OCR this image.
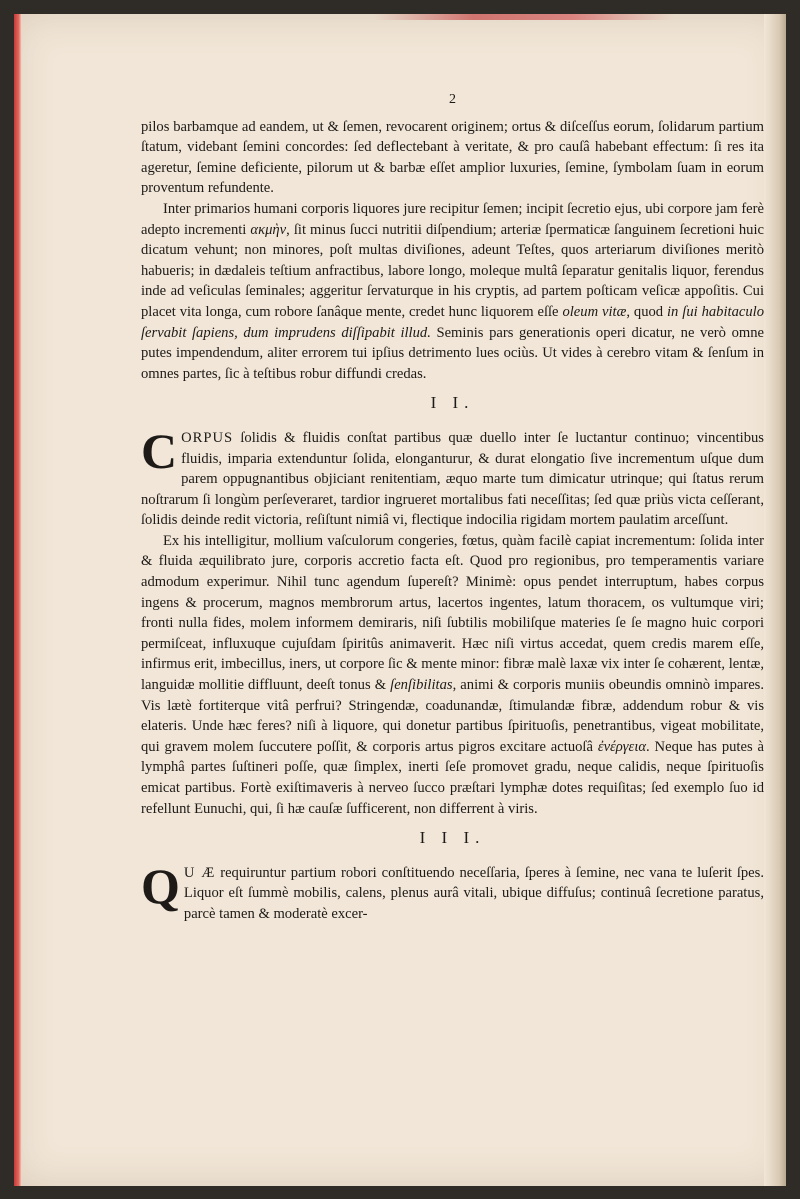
2

pilos barbamque ad eandem, ut & ſemen, revocarent originem; ortus & diſceſſus eorum, ſolidarum partium ſtatum, videbant ſemini concordes: ſed deflectebant à veritate, & pro cauſâ habebant effectum: ſi res ita ageretur, ſemine deficiente, pilorum ut & barbæ eſſet amplior luxuries, ſemine, ſymbolam ſuam in eorum proventum refundente.

Inter primarios humani corporis liquores jure recipitur ſemen; incipit ſecretio ejus, ubi corpore jam ferè adepto incrementi ακμὴν, ſit minus ſucci nutritii diſpendium; arteriæ ſpermaticæ ſanguinem ſecretioni huic dicatum vehunt; non minores, poſt multas diviſiones, adeunt Teſtes, quos arteriarum diviſiones meritò habueris; in dædaleis teſtium anfractibus, labore longo, moleque multâ ſeparatur genitalis liquor, ferendus inde ad veſiculas ſeminales; aggeritur ſervaturque in his cryptis, ad partem poſticam veſicæ appoſitis. Cui placet vita longa, cum robore ſanâque mente, credet hunc liquorem eſſe oleum vitæ, quod in ſui habitaculo ſervabit ſapiens, dum imprudens diſſipabit illud. Seminis pars generationis operi dicatur, ne verò omne putes impendendum, aliter errorem tui ipſius detrimento lues ociùs. Ut vides à cerebro vitam & ſenſum in omnes partes, ſic à teſtibus robur diffundi credas.

I I.

CORPUS ſolidis & fluidis conſtat partibus quæ duello inter ſe luctantur continuo; vincentibus fluidis, imparia extenduntur ſolida, elonganturur, & durat elongatio ſive incrementum uſque dum parem oppugnantibus objiciant renitentiam, æquo marte tum dimicatur utrinque; qui ſtatus rerum noſtrarum ſi longùm perſeveraret, tardior ingrueret mortalibus fati neceſſitas; ſed quæ priùs victa ceſſerant, ſolidis deinde redit victoria, reſiſtunt nimiâ vi, flectique indocilia rigidam mortem paulatim arceſſunt.

Ex his intelligitur, mollium vaſculorum congeries, fœtus, quàm facilè capiat incrementum: ſolida inter & fluida æquilibrato jure, corporis accretio facta eſt. Quod pro regionibus, pro temperamentis variare admodum experimur. Nihil tunc agendum ſupereſt? Minimè: opus pendet interruptum, habes corpus ingens & procerum, magnos membrorum artus, lacertos ingentes, latum thoracem, os vultumque viri; fronti nulla fides, molem informem demiraris, niſi ſubtilis mobiliſque materies ſe ſe magno huic corpori permiſceat, influxuque cujuſdam ſpiritûs animaverit. Hæc niſi virtus accedat, quem credis marem eſſe, infirmus erit, imbecillus, iners, ut corpore ſic & mente minor: fibræ malè laxæ vix inter ſe cohærent, lentæ, languidæ mollitie diffluunt, deeſt tonus & ſenſibilitas, animi & corporis muniis obeundis omninò impares. Vis lætè fortiterque vitâ perfrui? Stringendæ, coadunandæ, ſtimulandæ fibræ, addendum robur & vis elateris. Unde hæc feres? niſi à liquore, qui donetur partibus ſpirituoſis, penetrantibus, vigeat mobilitate, qui gravem molem ſuccutere poſſit, & corporis artus pigros excitare actuoſâ ἐνέργεια. Neque has putes à lymphâ partes ſuſtineri poſſe, quæ ſimplex, inerti ſeſe promovet gradu, neque calidis, neque ſpirituoſis emicat partibus. Fortè exiſtimaveris à nerveo ſucco præſtari lymphæ dotes requiſitas; ſed exemplo ſuo id refellunt Eunuchi, qui, ſi hæ cauſæ ſufficerent, non differrent à viris.

I I I.

Q U Æ requiruntur partium robori conſtituendo neceſſaria, ſperes à ſemine, nec vana te luſerit ſpes. Liquor eſt ſummè mobilis, calens, plenus aurâ vitali, ubique diffuſus; continuâ ſecretione paratus, parcè tamen & moderatè excer-
